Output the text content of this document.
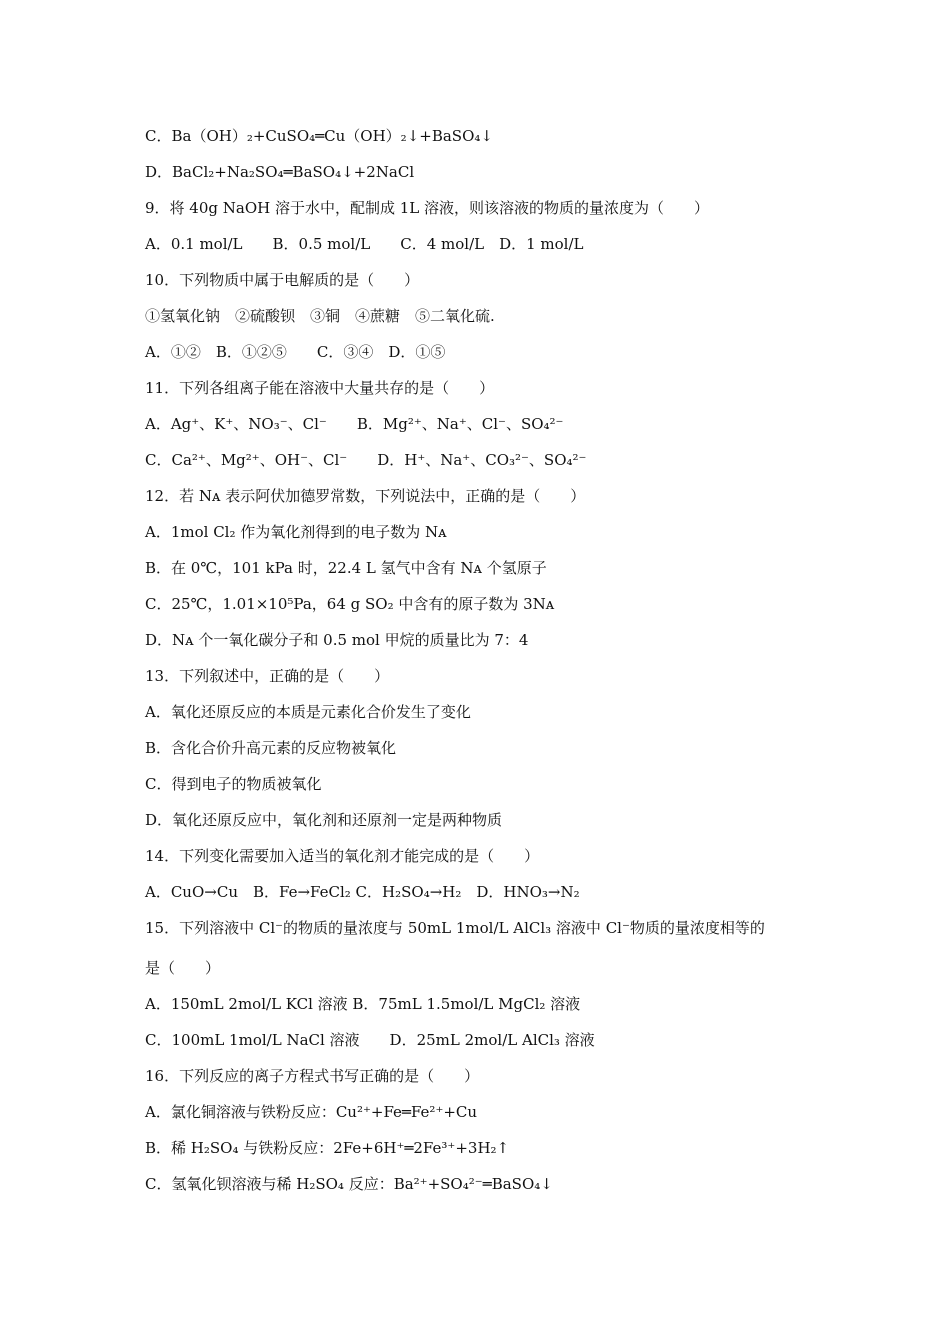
C．Ba（OH）₂+CuSO₄═Cu（OH）₂↓+BaSO₄↓
D．BaCl₂+Na₂SO₄═BaSO₄↓+2NaCl
9．将 40g NaOH 溶于水中，配制成 1L 溶液，则该溶液的物质的量浓度为（　　）
A．0.1 mol/L　　B．0.5 mol/L　　C．4 mol/L　D．1 mol/L
10．下列物质中属于电解质的是（　　）
①氢氧化钠　②硫酸钡　③铜　④蔗糖　⑤二氧化硫.
A．①②　B．①②⑤　　C．③④　D．①⑤
11．下列各组离子能在溶液中大量共存的是（　　）
A．Ag⁺、K⁺、NO₃⁻、Cl⁻　　B．Mg²⁺、Na⁺、Cl⁻、SO₄²⁻
C．Ca²⁺、Mg²⁺、OH⁻、Cl⁻　　D．H⁺、Na⁺、CO₃²⁻、SO₄²⁻
12．若 Nᴀ 表示阿伏加德罗常数，下列说法中，正确的是（　　）
A．1mol Cl₂ 作为氧化剂得到的电子数为 Nᴀ
B．在 0℃，101 kPa 时，22.4 L 氢气中含有 Nᴀ 个氢原子
C．25℃，1.01×10⁵Pa，64 g SO₂ 中含有的原子数为 3Nᴀ
D．Nᴀ 个一氧化碳分子和 0.5 mol 甲烷的质量比为 7：4
13．下列叙述中，正确的是（　　）
A．氧化还原反应的本质是元素化合价发生了变化
B．含化合价升高元素的反应物被氧化
C．得到电子的物质被氧化
D．氧化还原反应中，氧化剂和还原剂一定是两种物质
14．下列变化需要加入适当的氧化剂才能完成的是（　　）
A．CuO→Cu　B．Fe→FeCl₂ C．H₂SO₄→H₂　D．HNO₃→N₂
15．下列溶液中 Cl⁻的物质的量浓度与 50mL 1mol/L AlCl₃ 溶液中 Cl⁻物质的量浓度相等的
是（　　）
A．150mL 2mol/L KCl 溶液 B．75mL 1.5mol/L MgCl₂ 溶液
C．100mL 1mol/L NaCl 溶液　　D．25mL 2mol/L AlCl₃ 溶液
16．下列反应的离子方程式书写正确的是（　　）
A．氯化铜溶液与铁粉反应：Cu²⁺+Fe═Fe²⁺+Cu
B．稀 H₂SO₄ 与铁粉反应：2Fe+6H⁺═2Fe³⁺+3H₂↑
C．氢氧化钡溶液与稀 H₂SO₄ 反应：Ba²⁺+SO₄²⁻═BaSO₄↓
